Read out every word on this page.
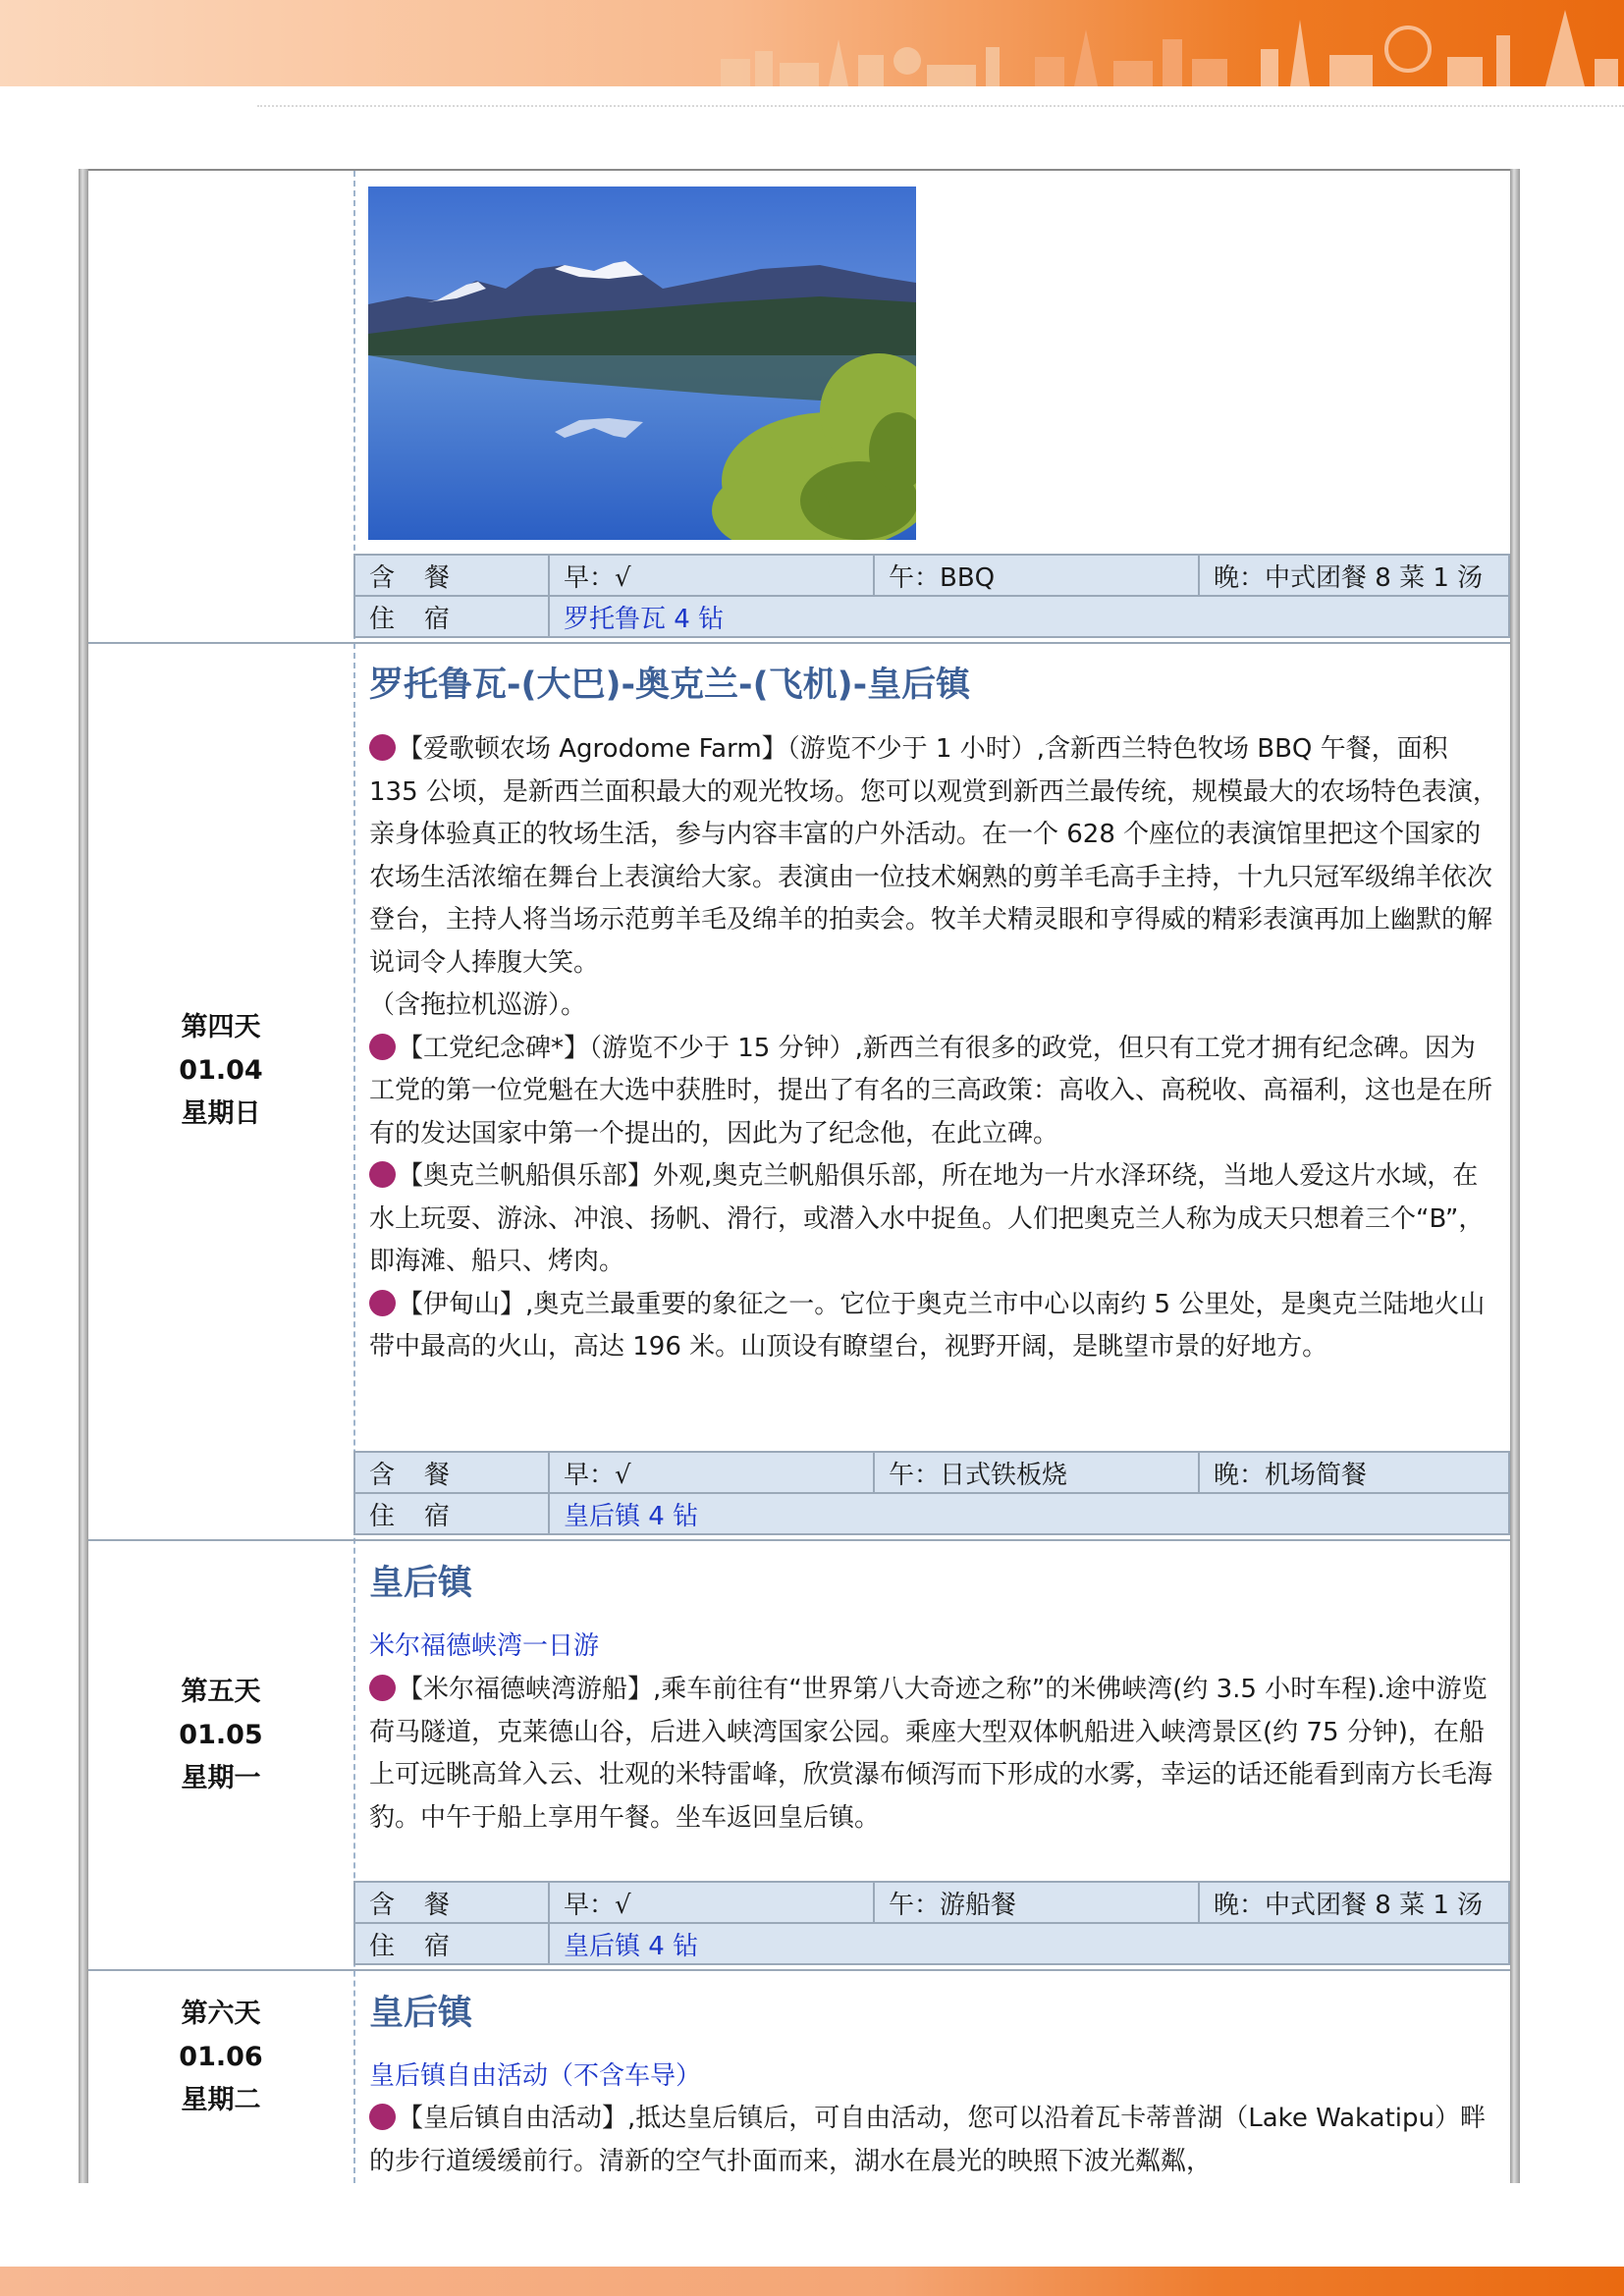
含　餐	早：√	午：BBQ	晚：中式团餐 8 菜 1 汤
住　宿	罗托鲁瓦 4 钻		
第四天
01.04
星期日
罗托鲁瓦-(大巴)-奥克兰-(飞机)-皇后镇

【爱歌顿农场 Agrodome Farm】（游览不少于 1 小时）,含新西兰特色牧场 BBQ 午餐，面积 135 公顷，是新西兰面积最大的观光牧场。您可以观赏到新西兰最传统，规模最大的农场特色表演，亲身体验真正的牧场生活，参与内容丰富的户外活动。在一个 628 个座位的表演馆里把这个国家的农场生活浓缩在舞台上表演给大家。表演由一位技术娴熟的剪羊毛高手主持，十九只冠军级绵羊依次登台，主持人将当场示范剪羊毛及绵羊的拍卖会。牧羊犬精灵眼和亨得威的精彩表演再加上幽默的解说词令人捧腹大笑。

（含拖拉机巡游）。

【工党纪念碑*】（游览不少于 15 分钟）,新西兰有很多的政党，但只有工党才拥有纪念碑。因为工党的第一位党魁在大选中获胜时，提出了有名的三高政策：高收入、高税收、高福利，这也是在所有的发达国家中第一个提出的，因此为了纪念他，在此立碑。

【奥克兰帆船俱乐部】外观,奥克兰帆船俱乐部，所在地为一片水泽环绕，当地人爱这片水域，在水上玩耍、游泳、冲浪、扬帆、滑行，或潜入水中捉鱼。人们把奥克兰人称为成天只想着三个“B”，即海滩、船只、烤肉。

【伊甸山】,奥克兰最重要的象征之一。它位于奥克兰市中心以南约 5 公里处，是奥克兰陆地火山带中最高的火山，高达 196 米。山顶设有瞭望台，视野开阔，是眺望市景的好地方。

含　餐	早：√	午：日式铁板烧	晚：机场简餐
住　宿	皇后镇 4 钻		
第五天
01.05
星期一
皇后镇
米尔福德峡湾一日游

【米尔福德峡湾游船】,乘车前往有“世界第八大奇迹之称”的米佛峡湾(约 3.5 小时车程).途中游览荷马隧道，克莱德山谷，后进入峡湾国家公园。乘座大型双体帆船进入峡湾景区(约 75 分钟)，在船上可远眺高耸入云、壮观的米特雷峰，欣赏瀑布倾泻而下形成的水雾，幸运的话还能看到南方长毛海豹。中午于船上享用午餐。坐车返回皇后镇。

含　餐	早：√	午：游船餐	晚：中式团餐 8 菜 1 汤
住　宿	皇后镇 4 钻		
第六天
01.06
星期二
皇后镇
皇后镇自由活动（不含车导）

【皇后镇自由活动】,抵达皇后镇后，可自由活动，您可以沿着瓦卡蒂普湖（Lake Wakatipu）畔的步行道缓缓前行。清新的空气扑面而来，湖水在晨光的映照下波光粼粼，
